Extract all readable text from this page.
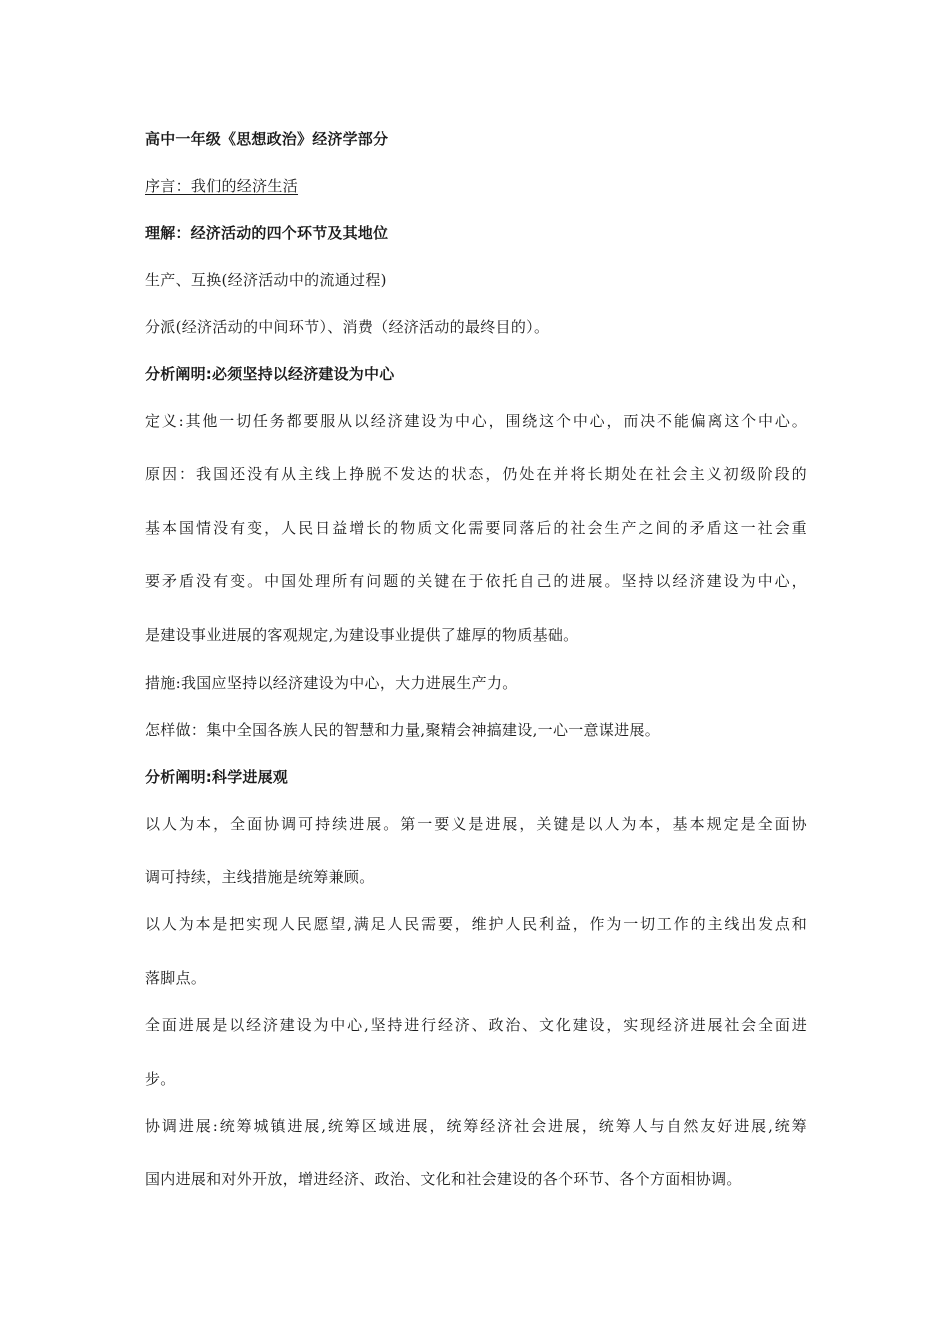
高中一年级《思想政治》经济学部分
序言：我们的经济生活
理解：经济活动的四个环节及其地位
生产、互换(经济活动中的流通过程)
分派(经济活动的中间环节）、消费（经济活动的最终目的）。
分析阐明:必须坚持以经济建设为中心
定义:其他一切任务都要服从以经济建设为中心，围绕这个中心，而决不能偏离这个中心。
原因：我国还没有从主线上挣脱不发达的状态，仍处在并将长期处在社会主义初级阶段的
基本国情没有变，人民日益增长的物质文化需要同落后的社会生产之间的矛盾这一社会重
要矛盾没有变。中国处理所有问题的关键在于依托自己的进展。坚持以经济建设为中心，
是建设事业进展的客观规定,为建设事业提供了雄厚的物质基础。
措施:我国应坚持以经济建设为中心，大力进展生产力。
怎样做：集中全国各族人民的智慧和力量,聚精会神搞建设,一心一意谋进展。
分析阐明:科学进展观
以人为本，全面协调可持续进展。第一要义是进展，关键是以人为本，基本规定是全面协
调可持续，主线措施是统筹兼顾。
以人为本是把实现人民愿望,满足人民需要，维护人民利益，作为一切工作的主线出发点和
落脚点。
全面进展是以经济建设为中心,坚持进行经济、政治、文化建设，实现经济进展社会全面进
步。
协调进展:统筹城镇进展,统筹区域进展，统筹经济社会进展，统筹人与自然友好进展,统筹
国内进展和对外开放，增进经济、政治、文化和社会建设的各个环节、各个方面相协调。
